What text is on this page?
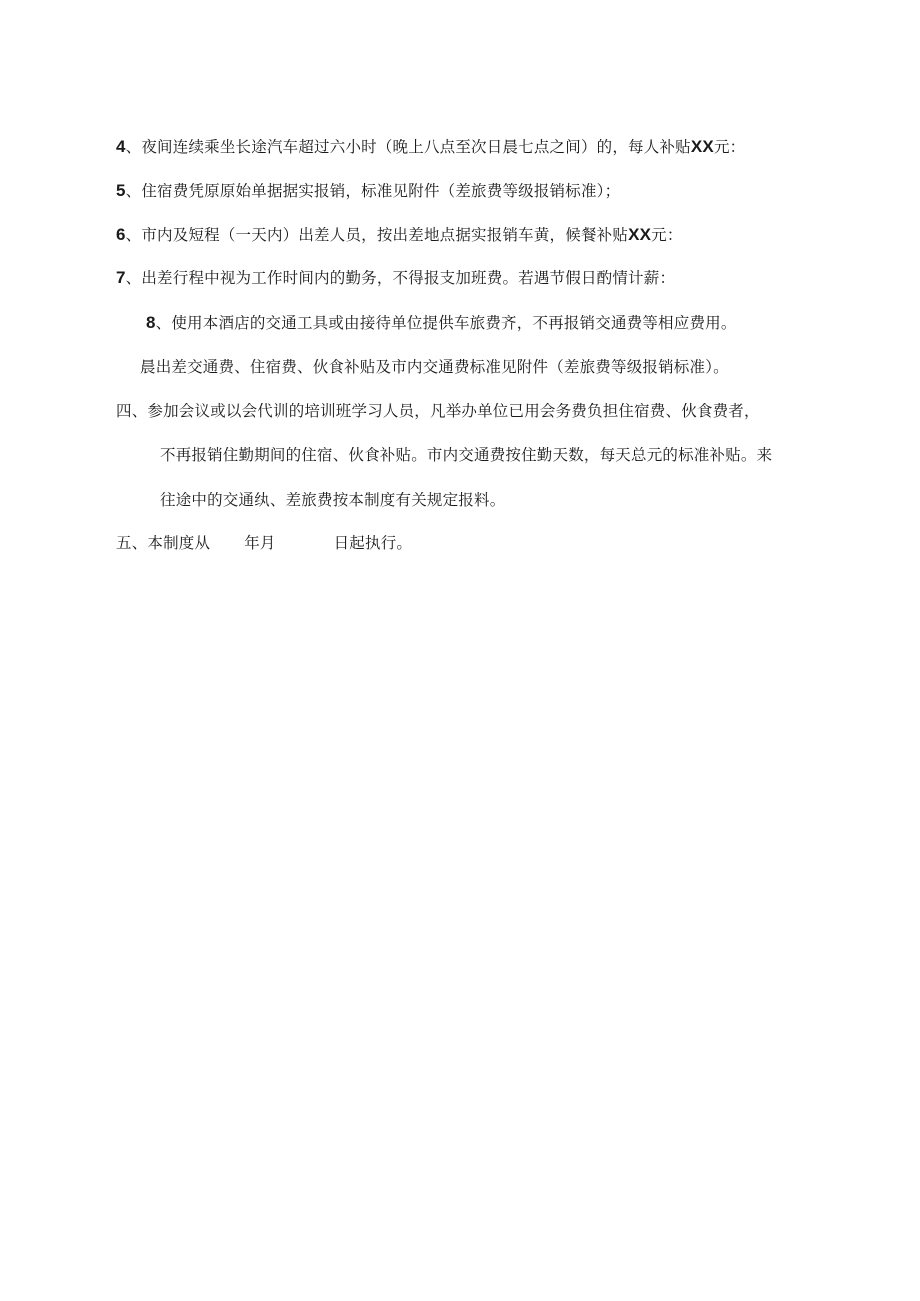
4、夜间连续乘坐长途汽车超过六小时（晚上八点至次日晨七点之间）的，每人补贴XX元：
5、住宿费凭原原始单据据实报销，标准见附件（差旅费等级报销标准）；
6、市内及短程（一天内）出差人员，按出差地点据实报销车黄，候餐补贴XX元：
7、出差行程中视为工作时间内的勤务，不得报支加班费。若遇节假日酌情计薪：
8、使用本酒店的交通工具或由接待单位提供车旅费齐，不再报销交通费等相应费用。
晨出差交通费、住宿费、伙食补贴及市内交通费标准见附件（差旅费等级报销标准）。
四、参加会议或以会代训的培训班学习人员，凡举办单位已用会务费负担住宿费、伙食费者，
不再报销住勤期间的住宿、伙食补贴。市内交通费按住勤天数，每天总元的标准补贴。来
往途中的交通纨、差旅费按本制度有关规定报料。
五、本制度从 年月	日起执行。
